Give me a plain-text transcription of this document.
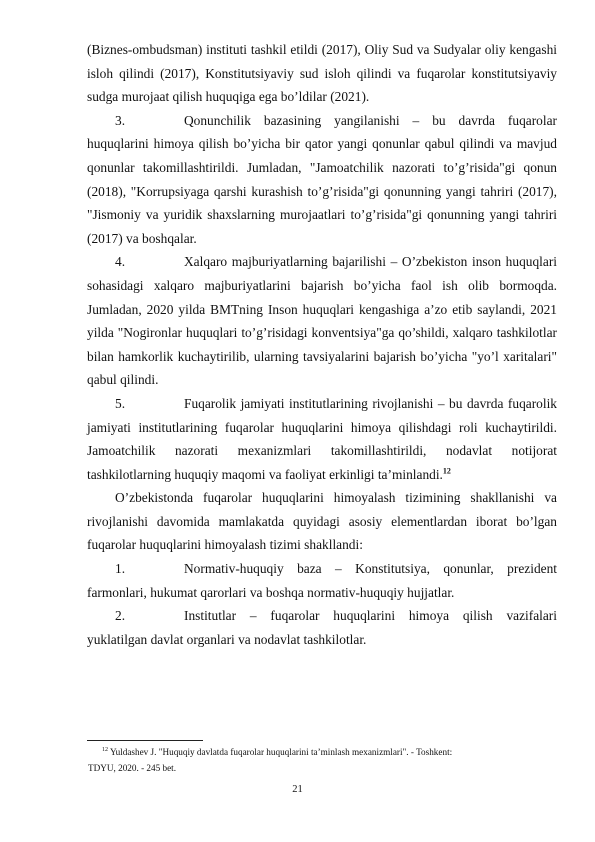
(Biznes-ombudsman) instituti tashkil etildi (2017), Oliy Sud va Sudyalar oliy kengashi isloh qilindi (2017), Konstitutsiyaviy sud isloh qilindi va fuqarolar konstitutsiyaviy sudga murojaat qilish huquqiga ega bo’ldilar (2021).

3.	Qonunchilik bazasining yangilanishi – bu davrda fuqarolar huquqlarini himoya qilish bo’yicha bir qator yangi qonunlar qabul qilindi va mavjud qonunlar takomillashtirildi. Jumladan, "Jamoatchilik nazorati to’g’risida"gi qonun (2018), "Korrupsiyaga qarshi kurashish to’g’risida"gi qonunning yangi tahriri (2017), "Jismoniy va yuridik shaxslarning murojaatlari to’g’risida"gi qonunning yangi tahriri (2017) va boshqalar.

4.	Xalqaro majburiyatlarning bajarilishi – O’zbekiston inson huquqlari sohasidagi xalqaro majburiyatlarini bajarish bo’yicha faol ish olib bormoqda. Jumladan, 2020 yilda BMTning Inson huquqlari kengashiga a’zo etib saylandi, 2021 yilda "Nogironlar huquqlari to’g’risidagi konventsiya"ga qo’shildi, xalqaro tashkilotlar bilan hamkorlik kuchaytirilib, ularning tavsiyalarini bajarish bo’yicha "yo’l xaritalari" qabul qilindi.

5.	Fuqarolik jamiyati institutlarining rivojlanishi – bu davrda fuqarolik jamiyati institutlarining fuqarolar huquqlarini himoya qilishdagi roli kuchaytirildi. Jamoatchilik nazorati mexanizmlari takomillashtirildi, nodavlat notijorat tashkilotlarning huquqiy maqomi va faoliyat erkinligi ta’minlandi.$^{12}$

O’zbekistonda fuqarolar huquqlarini himoyalash tizimining shakllanishi va rivojlanishi davomida mamlakatda quyidagi asosiy elementlardan iborat bo’lgan fuqarolar huquqlarini himoyalash tizimi shakllandi:

1.	Normativ-huquqiy baza – Konstitutsiya, qonunlar, prezident farmonlari, hukumat qarorlari va boshqa normativ-huquqiy hujjatlar.

2.	Institutlar – fuqarolar huquqlarini himoya qilish vazifalari yuklatilgan davlat organlari va nodavlat tashkilotlar.

$^{12}$ Yuldashev J. "Huquqiy davlatda fuqarolar huquqlarini ta’minlash mexanizmlari". - Toshkent:
TDYU, 2020. - 245 bet.
21
